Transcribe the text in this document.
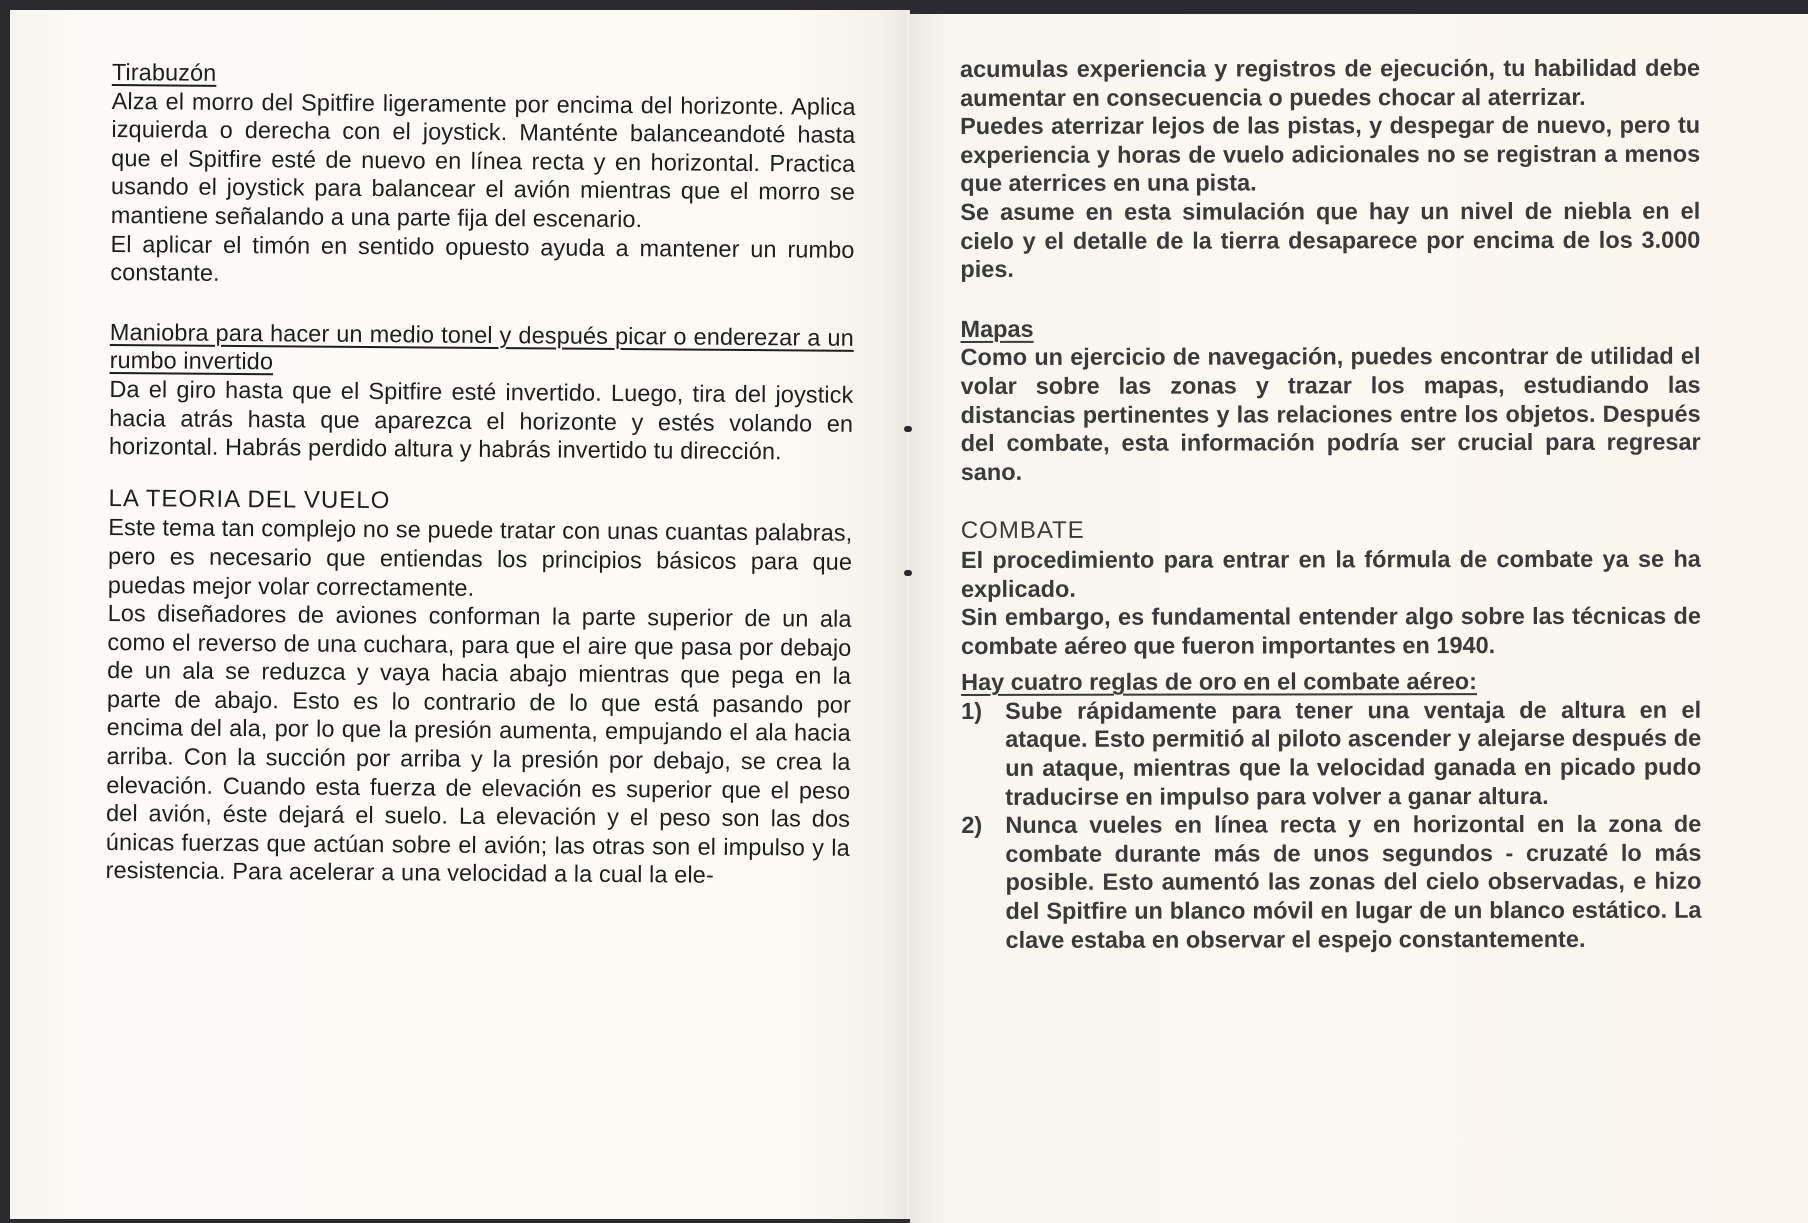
Tirabuzón

Alza el morro del Spitfire ligeramente por encima del horizonte. Aplica izquierda o derecha con el joystick. Manténte balanceandoté hasta que el Spitfire esté de nuevo en línea recta y en horizontal. Practica usando el joystick para balancear el avión mientras que el morro se mantiene señalando a una parte fija del escenario.

El aplicar el timón en sentido opuesto ayuda a mantener un rumbo constante.

Maniobra para hacer un medio tonel y después picar o enderezar a un rumbo invertido

Da el giro hasta que el Spitfire esté invertido. Luego, tira del joystick hacia atrás hasta que aparezca el horizonte y estés volando en horizontal. Habrás perdido altura y habrás invertido tu dirección.

LA TEORIA DEL VUELO

Este tema tan complejo no se puede tratar con unas cuantas palabras, pero es necesario que entiendas los principios básicos para que puedas mejor volar correctamente.

Los diseñadores de aviones conforman la parte superior de un ala como el reverso de una cuchara, para que el aire que pasa por debajo de un ala se reduzca y vaya hacia abajo mientras que pega en la parte de abajo. Esto es lo contrario de lo que está pasando por encima del ala, por lo que la presión aumenta, empujando el ala hacia arriba. Con la succión por arriba y la presión por debajo, se crea la elevación. Cuando esta fuerza de elevación es superior que el peso del avión, éste dejará el suelo. La elevación y el peso son las dos únicas fuerzas que actúan sobre el avión; las otras son el impulso y la resistencia. Para acelerar a una velocidad a la cual la ele-

acumulas experiencia y registros de ejecución, tu habilidad debe aumentar en consecuencia o puedes chocar al aterrizar.

Puedes aterrizar lejos de las pistas, y despegar de nuevo, pero tu experiencia y horas de vuelo adicionales no se registran a menos que aterrices en una pista.

Se asume en esta simulación que hay un nivel de niebla en el cielo y el detalle de la tierra desaparece por encima de los 3.000 pies.

Mapas

Como un ejercicio de navegación, puedes encontrar de utilidad el volar sobre las zonas y trazar los mapas, estudiando las distancias pertinentes y las relaciones entre los objetos. Después del combate, esta información podría ser crucial para regresar sano.

COMBATE

El procedimiento para entrar en la fórmula de combate ya se ha explicado.

Sin embargo, es fundamental entender algo sobre las técnicas de combate aéreo que fueron importantes en 1940.

Hay cuatro reglas de oro en el combate aéreo:
1) Sube rápidamente para tener una ventaja de altura en el ataque. Esto permitió al piloto ascender y alejarse después de un ataque, mientras que la velocidad ganada en picado pudo traducirse en impulso para volver a ganar altura.
2) Nunca vueles en línea recta y en horizontal en la zona de combate durante más de unos segundos - cruzaté lo más posible. Esto aumentó las zonas del cielo observadas, e hizo del Spitfire un blanco móvil en lugar de un blanco estático. La clave estaba en observar el espejo constantemente.
